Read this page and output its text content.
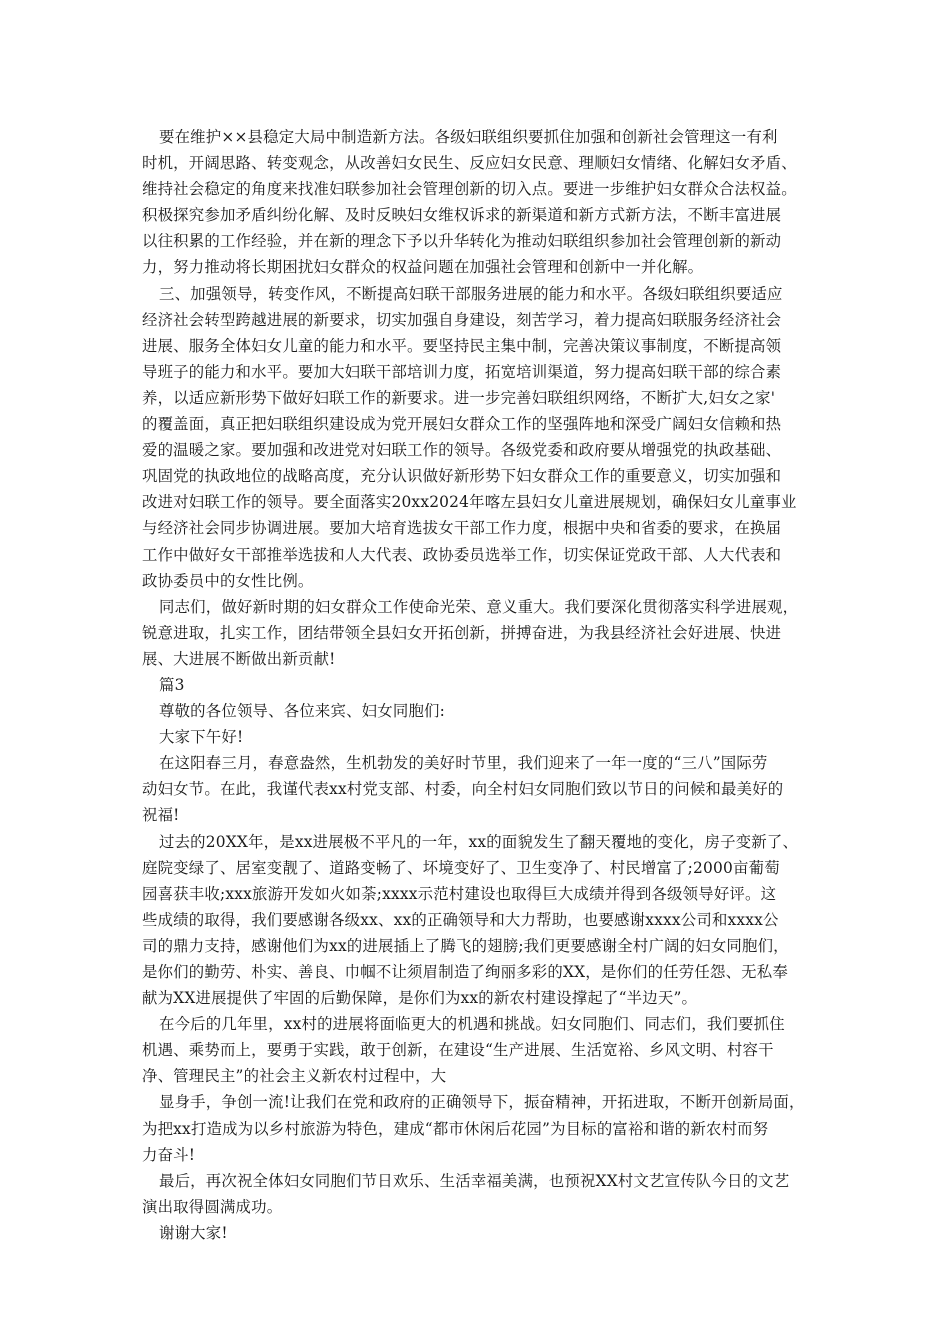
要在维护××县稳定大局中制造新方法。各级妇联组织要抓住加强和创新社会管理这一有利
时机，开阔思路、转变观念，从改善妇女民生、反应妇女民意、理顺妇女情绪、化解妇女矛盾、
维持社会稳定的角度来找准妇联参加社会管理创新的切入点。要进一步维护妇女群众合法权益。
积极探究参加矛盾纠纷化解、及时反映妇女维权诉求的新渠道和新方式新方法，不断丰富进展
以往积累的工作经验，并在新的理念下予以升华转化为推动妇联组织参加社会管理创新的新动
力，努力推动将长期困扰妇女群众的权益问题在加强社会管理和创新中一并化解。
三、加强领导，转变作风，不断提高妇联干部服务进展的能力和水平。各级妇联组织要适应
经济社会转型跨越进展的新要求，切实加强自身建设，刻苦学习，着力提高妇联服务经济社会
进展、服务全体妇女儿童的能力和水平。要坚持民主集中制，完善决策议事制度，不断提高领
导班子的能力和水平。要加大妇联干部培训力度，拓宽培训渠道，努力提高妇联干部的综合素
养，以适应新形势下做好妇联工作的新要求。进一步完善妇联组织网络，不断扩大,妇女之家'
的覆盖面，真正把妇联组织建设成为党开展妇女群众工作的坚强阵地和深受广阔妇女信赖和热
爱的温暖之家。要加强和改进党对妇联工作的领导。各级党委和政府要从增强党的执政基础、
巩固党的执政地位的战略高度，充分认识做好新形势下妇女群众工作的重要意义，切实加强和
改进对妇联工作的领导。要全面落实20xx2024年喀左县妇女儿童进展规划，确保妇女儿童事业
与经济社会同步协调进展。要加大培育选拔女干部工作力度，根据中央和省委的要求，在换届
工作中做好女干部推举选拔和人大代表、政协委员选举工作，切实保证党政干部、人大代表和
政协委员中的女性比例。
同志们，做好新时期的妇女群众工作使命光荣、意义重大。我们要深化贯彻落实科学进展观，
锐意进取，扎实工作，团结带领全县妇女开拓创新，拼搏奋进，为我县经济社会好进展、快进
展、大进展不断做出新贡献!
篇3
尊敬的各位领导、各位来宾、妇女同胞们:
大家下午好!
在这阳春三月，春意盎然，生机勃发的美好时节里，我们迎来了一年一度的“三八”国际劳
动妇女节。在此，我谨代表xx村党支部、村委，向全村妇女同胞们致以节日的问候和最美好的
祝福!
过去的20XX年，是xx进展极不平凡的一年，xx的面貌发生了翻天覆地的变化，房子变新了、
庭院变绿了、居室变靓了、道路变畅了、坏境变好了、卫生变净了、村民增富了;2000亩葡萄
园喜获丰收;xxx旅游开发如火如荼;xxxx示范村建设也取得巨大成绩并得到各级领导好评。这
些成绩的取得，我们要感谢各级xx、xx的正确领导和大力帮助，也要感谢xxxx公司和xxxx公
司的鼎力支持，感谢他们为xx的进展插上了腾飞的翅膀;我们更要感谢全村广阔的妇女同胞们，
是你们的勤劳、朴实、善良、巾帼不让须眉制造了绚丽多彩的XX，是你们的任劳任怨、无私奉
献为XX进展提供了牢固的后勤保障，是你们为xx的新农村建设撑起了“半边天”。
在今后的几年里，xx村的进展将面临更大的机遇和挑战。妇女同胞们、同志们，我们要抓住
机遇、乘势而上，要勇于实践，敢于创新，在建设“生产进展、生活宽裕、乡风文明、村容干
净、管理民主”的社会主义新农村过程中，大
显身手，争创一流!让我们在党和政府的正确领导下，振奋精神，开拓进取，不断开创新局面，
为把xx打造成为以乡村旅游为特色，建成“都市休闲后花园”为目标的富裕和谐的新农村而努
力奋斗!
最后，再次祝全体妇女同胞们节日欢乐、生活幸福美满，也预祝XX村文艺宣传队今日的文艺
演出取得圆满成功。
谢谢大家!
